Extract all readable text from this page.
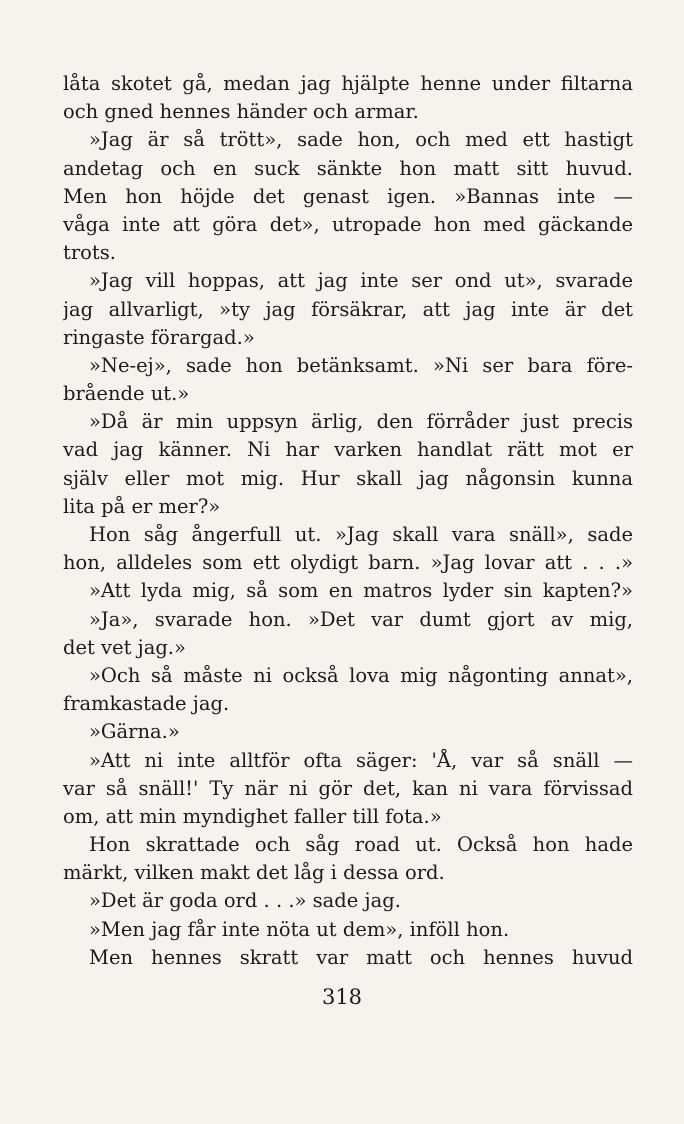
låta skotet gå, medan jag hjälpte henne under filtarna
och gned hennes händer och armar.
»Jag är så trött», sade hon, och med ett hastigt
andetag och en suck sänkte hon matt sitt huvud.
Men hon höjde det genast igen. »Bannas inte —
våga inte att göra det», utropade hon med gäckande
trots.
»Jag vill hoppas, att jag inte ser ond ut», svarade
jag allvarligt, »ty jag försäkrar, att jag inte är det
ringaste förargad.»
»Ne-ej», sade hon betänksamt. »Ni ser bara före-
brående ut.»
»Då är min uppsyn ärlig, den förråder just precis
vad jag känner. Ni har varken handlat rätt mot er
själv eller mot mig. Hur skall jag någonsin kunna
lita på er mer?»
Hon såg ångerfull ut. »Jag skall vara snäll», sade
hon, alldeles som ett olydigt barn. »Jag lovar att . . .»
»Att lyda mig, så som en matros lyder sin kapten?»
»Ja», svarade hon. »Det var dumt gjort av mig,
det vet jag.»
»Och så måste ni också lova mig någonting annat»,
framkastade jag.
»Gärna.»
»Att ni inte alltför ofta säger: 'Å, var så snäll —
var så snäll!' Ty när ni gör det, kan ni vara förvissad
om, att min myndighet faller till fota.»
Hon skrattade och såg road ut. Också hon hade
märkt, vilken makt det låg i dessa ord.
»Det är goda ord . . .» sade jag.
»Men jag får inte nöta ut dem», inföll hon.
Men hennes skratt var matt och hennes huvud
318
